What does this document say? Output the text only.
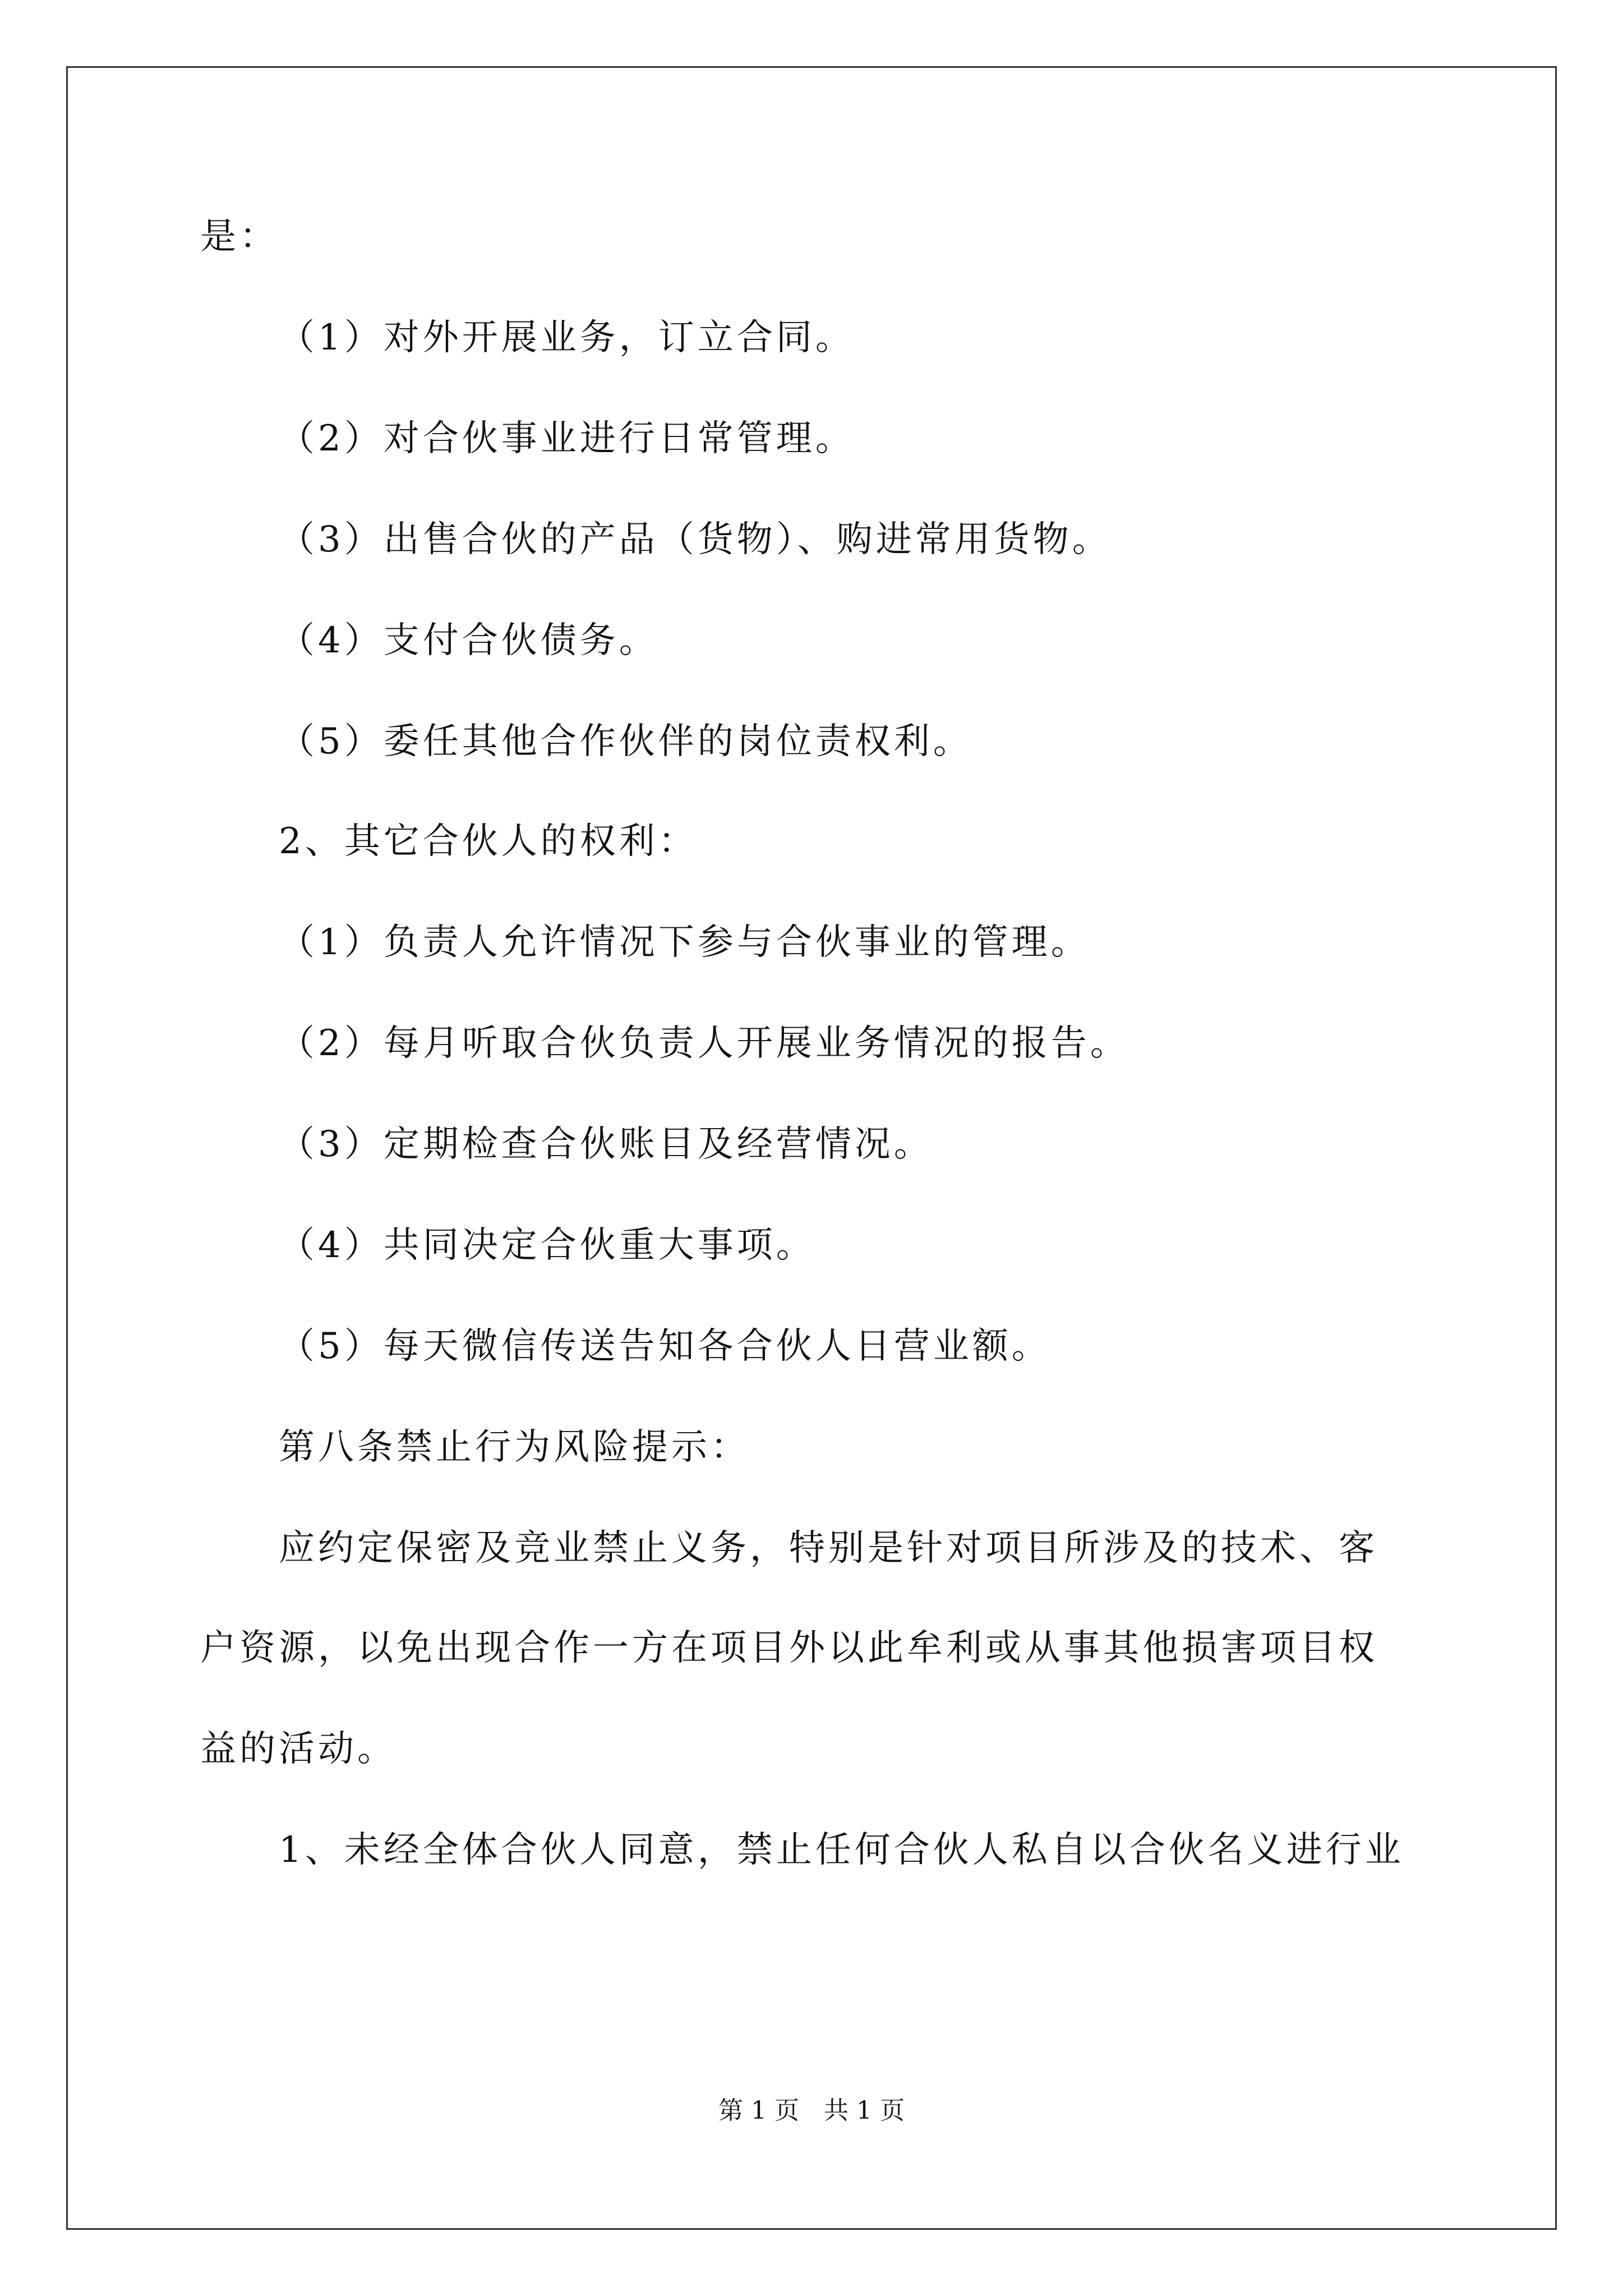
是：
（1）对外开展业务，订立合同。
（2）对合伙事业进行日常管理。
（3）出售合伙的产品（货物）、购进常用货物。
（4）支付合伙债务。
（5）委任其他合作伙伴的岗位责权利。
2、其它合伙人的权利：
（1）负责人允许情况下参与合伙事业的管理。
（2）每月听取合伙负责人开展业务情况的报告。
（3）定期检查合伙账目及经营情况。
（4）共同决定合伙重大事项。
（5）每天微信传送告知各合伙人日营业额。
第八条禁止行为风险提示：
应约定保密及竞业禁止义务，特别是针对项目所涉及的技术、客
户资源，以免出现合作一方在项目外以此牟利或从事其他损害项目权
益的活动。
1、未经全体合伙人同意，禁止任何合伙人私自以合伙名义进行业
第 1 页　共 1 页
